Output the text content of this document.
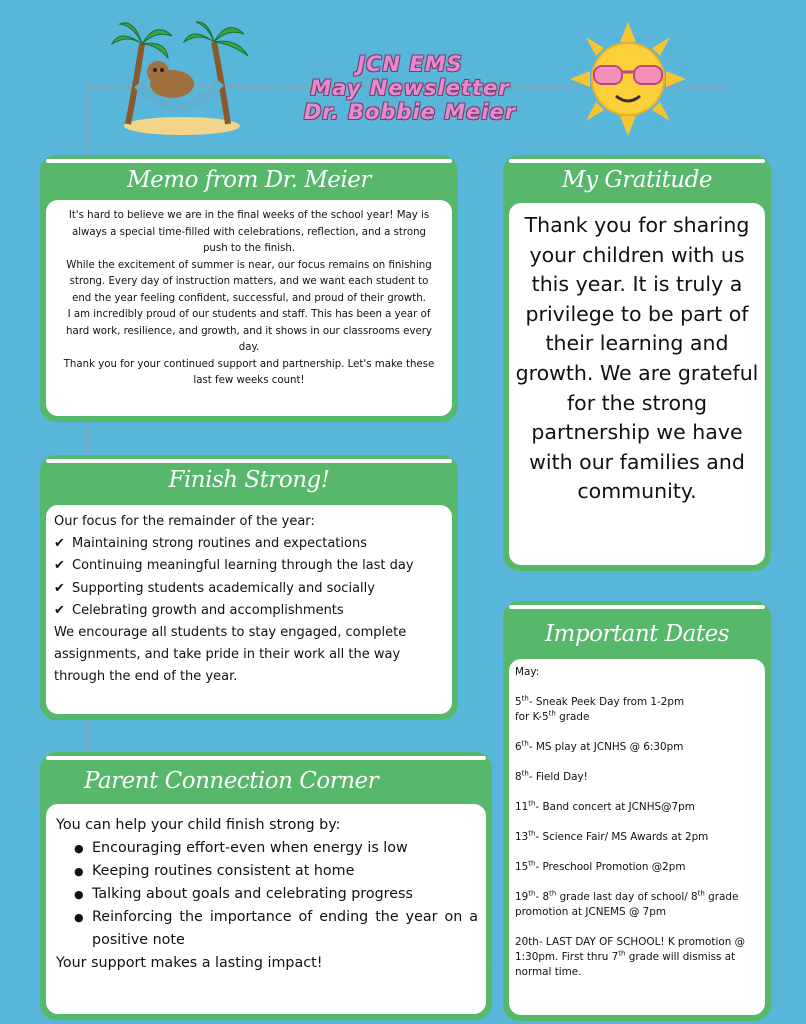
JCN EMS
May Newsletter
Dr. Bobbie Meier
Memo from Dr. Meier

It's hard to believe we are in the final weeks of the school year! May is always a special time-filled with celebrations, reflection, and a strong push to the finish.

While the excitement of summer is near, our focus remains on finishing strong. Every day of instruction matters, and we want each student to end the year feeling confident, successful, and proud of their growth.

I am incredibly proud of our students and staff. This has been a year of hard work, resilience, and growth, and it shows in our classrooms every day.

Thank you for your continued support and partnership. Let's make these last few weeks count!

My Gratitude
Thank you for sharing your children with us this year. It is truly a privilege to be part of their learning and growth. We are grateful for the strong partnership we have with our families and community.
Finish Strong!

Our focus for the remainder of the year:

✔ Maintaining strong routines and expectations

✔ Continuing meaningful learning through the last day

✔ Supporting students academically and socially

✔ Celebrating growth and accomplishments

We encourage all students to stay engaged, complete assignments, and take pride in their work all the way through the end of the year.

Parent Connection Corner

You can help your child finish strong by:

● Encouraging effort-even when energy is low
● Keeping routines consistent at home
● Talking about goals and celebrating progress
● Reinforcing the importance of ending the year on a positive note

Your support makes a lasting impact!

Important Dates
May:
5th- Sneak Peek Day from 1-2pm
for K-5th grade
6th- MS play at JCNHS @ 6:30pm
8th- Field Day!
11th- Band concert at JCNHS@7pm
13th- Science Fair/ MS Awards at 2pm
15th- Preschool Promotion @2pm
19th- 8th grade last day of school/ 8th grade promotion at JCNEMS @ 7pm
20th- LAST DAY OF SCHOOL! K promotion @ 1:30pm. First thru 7th grade will dismiss at normal time.
